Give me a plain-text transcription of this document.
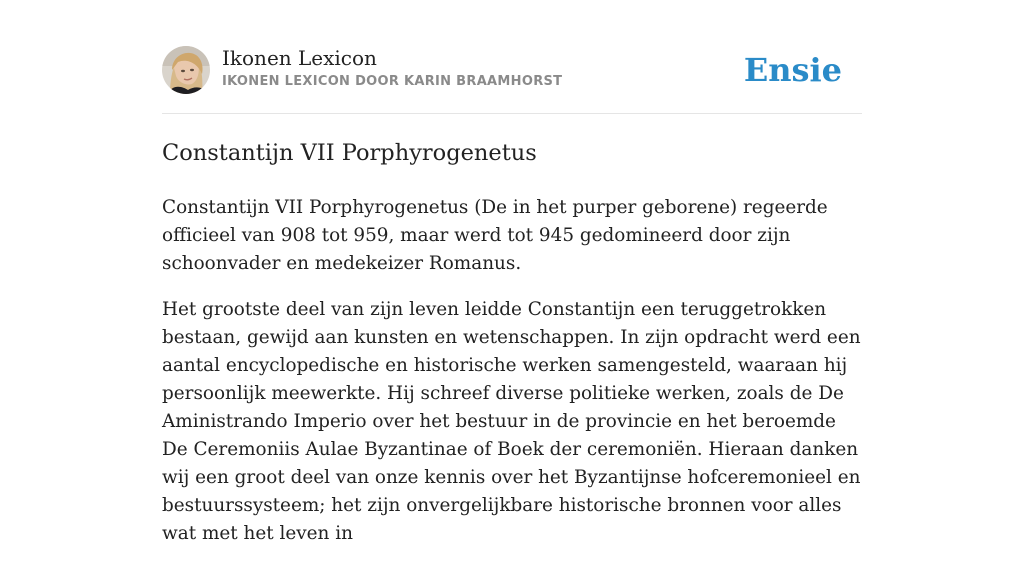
Ikonen Lexicon
IKONEN LEXICON DOOR KARIN BRAAMHORST	Ensie
Constantijn VII Porphyrogenetus

Constantijn VII Porphyrogenetus (De in het purper geborene) regeerde officieel van 908 tot 959, maar werd tot 945 gedomineerd door zijn schoonvader en medekeizer Romanus.

Het grootste deel van zijn leven leidde Constantijn een teruggetrokken bestaan, gewijd aan kunsten en wetenschappen. In zijn opdracht werd een aantal encyclopedische en historische werken samengesteld, waaraan hij persoonlijk meewerkte. Hij schreef diverse politieke werken, zoals de De Aministrando Imperio over het bestuur in de provincie en het beroemde De Ceremoniis Aulae Byzantinae of Boek der ceremoniën. Hieraan danken wij een groot deel van onze kennis over het Byzantijnse hofceremonieel en bestuurssysteem; het zijn onvergelijkbare historische bronnen voor alles wat met het leven in
